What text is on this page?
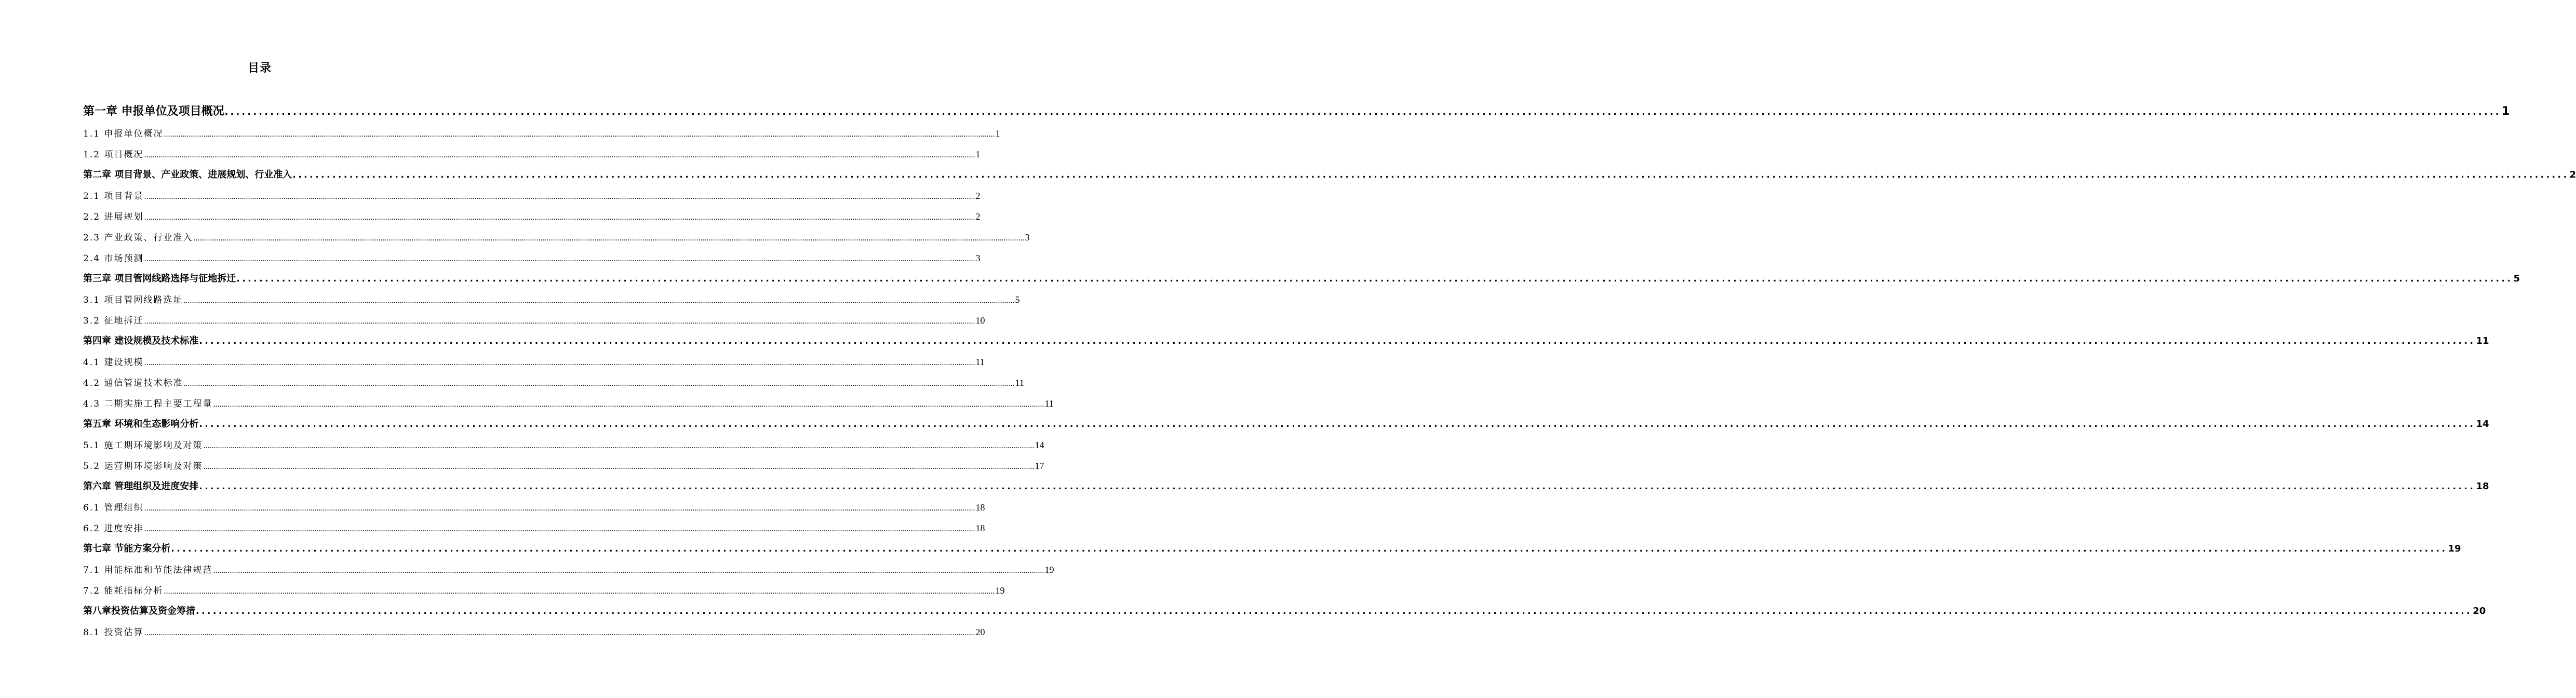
目录
第一章 申报单位及项目概况 ................................................................................................................................................................................................................................................................................................................................................................................................................ 1
1.1 申报单位概况 ................................................................................................................................................................................................................................................................................................................................................................................................................ 1
1.2 项目概况 ................................................................................................................................................................................................................................................................................................................................................................................................................ 1
第二章 项目背景、产业政策、进展规划、行业准入 ................................................................................................................................................................................................................................................................................................................................................................................................................ 2
2.1 项目背景 ................................................................................................................................................................................................................................................................................................................................................................................................................ 2
2.2 进展规划 ................................................................................................................................................................................................................................................................................................................................................................................................................ 2
2.3 产业政策、行业准入 ................................................................................................................................................................................................................................................................................................................................................................................................................ 3
2.4 市场预测 ................................................................................................................................................................................................................................................................................................................................................................................................................ 3
第三章 项目管网线路选择与征地拆迁 ................................................................................................................................................................................................................................................................................................................................................................................................................ 5
3.1 项目管网线路选址 ................................................................................................................................................................................................................................................................................................................................................................................................................ 5
3.2 征地拆迁 ................................................................................................................................................................................................................................................................................................................................................................................................................ 10
第四章 建设规模及技术标准 ................................................................................................................................................................................................................................................................................................................................................................................................................ 11
4.1 建设规模 ................................................................................................................................................................................................................................................................................................................................................................................................................ 11
4.2 通信管道技术标准 ................................................................................................................................................................................................................................................................................................................................................................................................................ 11
4.3 二期实施工程主要工程量 ................................................................................................................................................................................................................................................................................................................................................................................................................ 11
第五章 环境和生态影响分析 ................................................................................................................................................................................................................................................................................................................................................................................................................ 14
5.1 施工期环境影响及对策 ................................................................................................................................................................................................................................................................................................................................................................................................................ 14
5.2 运营期环境影响及对策 ................................................................................................................................................................................................................................................................................................................................................................................................................ 17
第六章 管理组织及进度安排 ................................................................................................................................................................................................................................................................................................................................................................................................................ 18
6.1 管理组织 ................................................................................................................................................................................................................................................................................................................................................................................................................ 18
6.2 进度安排 ................................................................................................................................................................................................................................................................................................................................................................................................................ 18
第七章 节能方案分析 ................................................................................................................................................................................................................................................................................................................................................................................................................ 19
7.1 用能标准和节能法律规范 ................................................................................................................................................................................................................................................................................................................................................................................................................ 19
7.2 能耗指标分析 ................................................................................................................................................................................................................................................................................................................................................................................................................ 19
第八章投资估算及资金筹措 ................................................................................................................................................................................................................................................................................................................................................................................................................ 20
8.1 投资估算 ................................................................................................................................................................................................................................................................................................................................................................................................................ 20
